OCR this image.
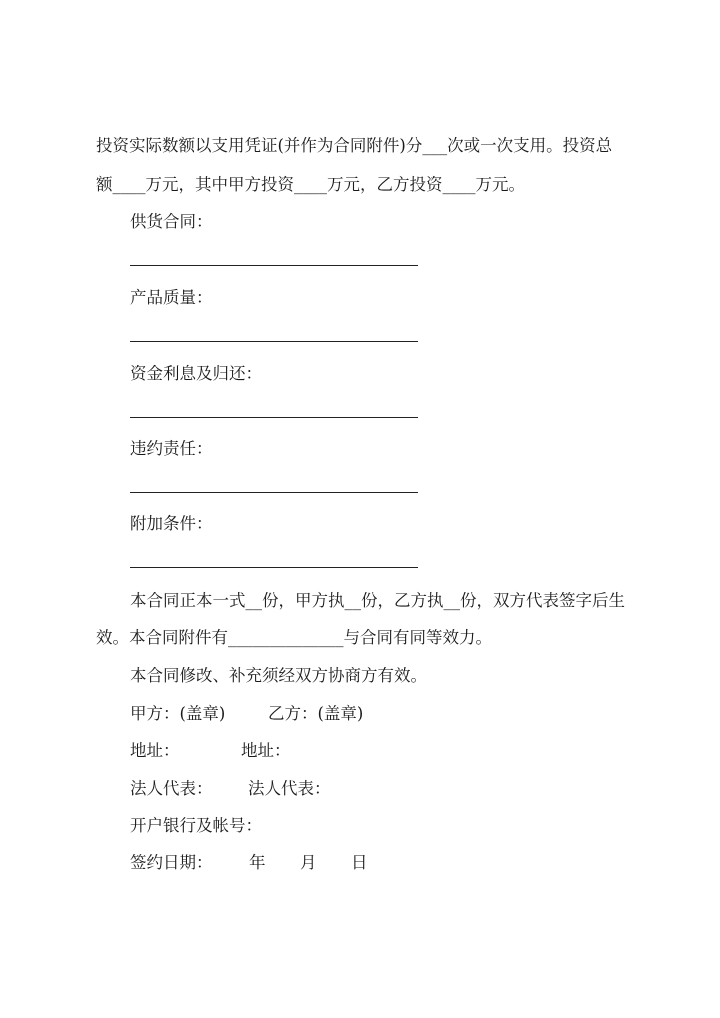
投资实际数额以支用凭证(并作为合同附件)分___次或一次支用。投资总
额____万元，其中甲方投资____万元，乙方投资____万元。
供货合同：
产品质量：
资金利息及归还：
违约责任：
附加条件：
本合同正本一式__份，甲方执__份，乙方执__份，双方代表签字后生
效。本合同附件有______________与合同有同等效力。
本合同修改、补充须经双方协商方有效。
甲方：(盖章)	乙方：(盖章)
地址：	地址：
法人代表： 法人代表：
开户银行及帐号：
签约日期： 年 月 日
